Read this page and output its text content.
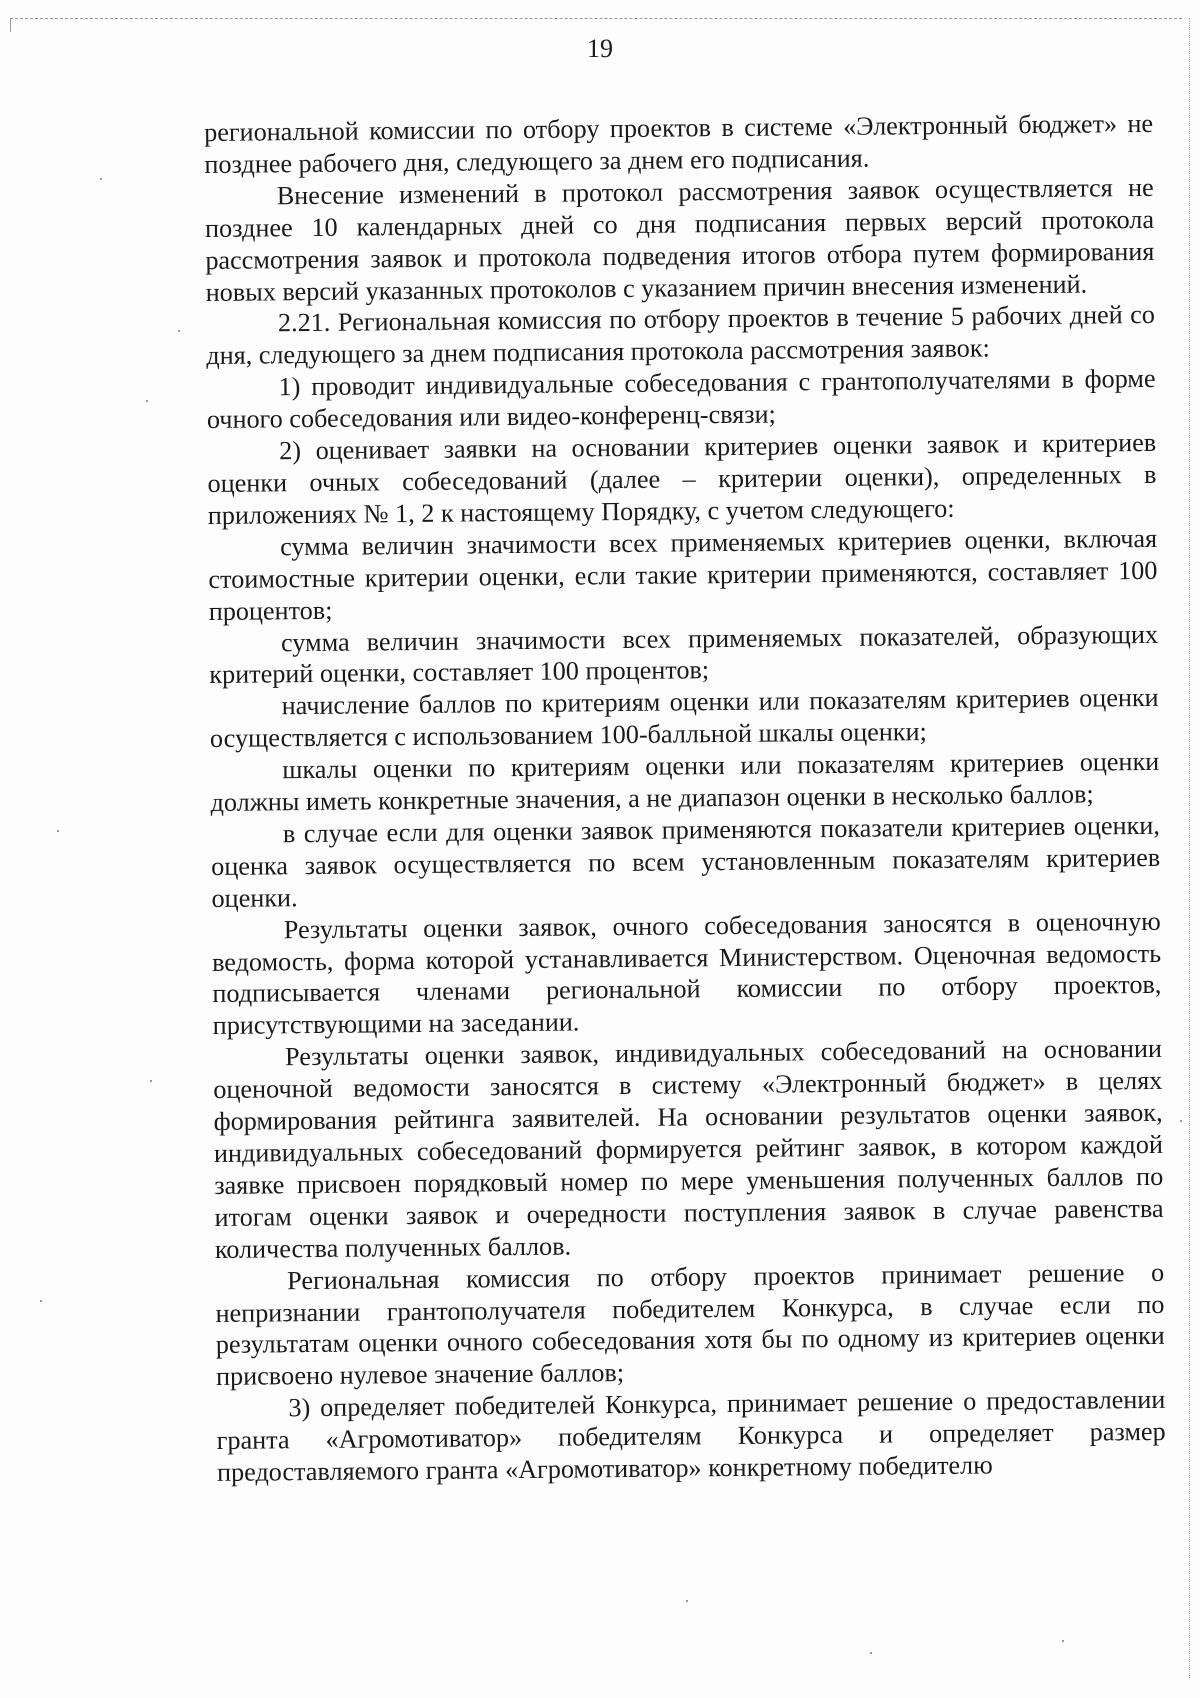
19

региональной комиссии по отбору проектов в системе «Электронный бюджет» не позднее рабочего дня, следующего за днем его подписания.

Внесение изменений в протокол рассмотрения заявок осуществляется не позднее 10 календарных дней со дня подписания первых версий протокола рассмотрения заявок и протокола подведения итогов отбора путем формирования новых версий указанных протоколов с указанием причин внесения изменений.

2.21. Региональная комиссия по отбору проектов в течение 5 рабочих дней со дня, следующего за днем подписания протокола рассмотрения заявок:

1) проводит индивидуальные собеседования с грантополучателями в форме очного собеседования или видео-конференц-связи;

2) оценивает заявки на основании критериев оценки заявок и критериев оценки очных собеседований (далее – критерии оценки), определенных в приложениях № 1, 2 к настоящему Порядку, с учетом следующего:

сумма величин значимости всех применяемых критериев оценки, включая стоимостные критерии оценки, если такие критерии применяются, составляет 100 процентов;

сумма величин значимости всех применяемых показателей, образующих критерий оценки, составляет 100 процентов;

начисление баллов по критериям оценки или показателям критериев оценки осуществляется с использованием 100-балльной шкалы оценки;

шкалы оценки по критериям оценки или показателям критериев оценки должны иметь конкретные значения, а не диапазон оценки в несколько баллов;

в случае если для оценки заявок применяются показатели критериев оценки, оценка заявок осуществляется по всем установленным показателям критериев оценки.

Результаты оценки заявок, очного собеседования заносятся в оценочную ведомость, форма которой устанавливается Министерством. Оценочная ведомость подписывается членами региональной комиссии по отбору проектов, присутствующими на заседании.

Результаты оценки заявок, индивидуальных собеседований на основании оценочной ведомости заносятся в систему «Электронный бюджет» в целях формирования рейтинга заявителей. На основании результатов оценки заявок, индивидуальных собеседований формируется рейтинг заявок, в котором каждой заявке присвоен порядковый номер по мере уменьшения полученных баллов по итогам оценки заявок и очередности поступления заявок в случае равенства количества полученных баллов.

Региональная комиссия по отбору проектов принимает решение о непризнании грантополучателя победителем Конкурса, в случае если по результатам оценки очного собеседования хотя бы по одному из критериев оценки присвоено нулевое значение баллов;

3) определяет победителей Конкурса, принимает решение о предоставлении гранта «Агромотиватор» победителям Конкурса и определяет размер предоставляемого гранта «Агромотиватор» конкретному победителю
